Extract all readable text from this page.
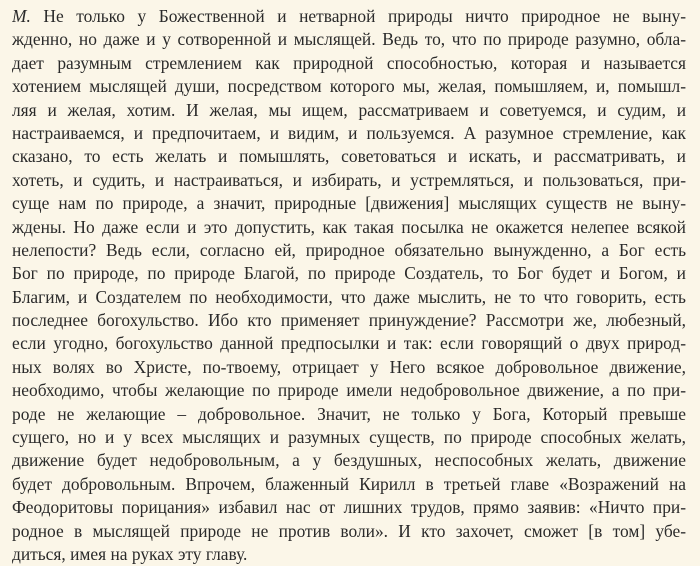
М. Не только у Божественной и нетварной природы ничто природное не выну-
жденно, но даже и у сотворенной и мыслящей. Ведь то, что по природе разумно, обла-
дает разумным стремлением как природной способностью, которая и называется
хотением мыслящей души, посредством которого мы, желая, помышляем, и, помышл-
ляя и желая, хотим. И желая, мы ищем, рассматриваем и советуемся, и судим, и
настраиваемся, и предпочитаем, и видим, и пользуемся. А разумное стремление, как
сказано, то есть желать и помышлять, советоваться и искать, и рассматривать, и
хотеть, и судить, и настраиваться, и избирать, и устремляться, и пользоваться, при-
суще нам по природе, а значит, природные [движения] мыслящих существ не выну-
ждены. Но даже если и это допустить, как такая посылка не окажется нелепее всякой
нелепости? Ведь если, согласно ей, природное обязательно вынужденно, а Бог есть
Бог по природе, по природе Благой, по природе Создатель, то Бог будет и Богом, и
Благим, и Создателем по необходимости, что даже мыслить, не то что говорить, есть
последнее богохульство. Ибо кто применяет принуждение? Рассмотри же, любезный,
если угодно, богохульство данной предпосылки и так: если говорящий о двух природ-
ных волях во Христе, по-твоему, отрицает у Него всякое добровольное движение,
необходимо, чтобы желающие по природе имели недобровольное движение, а по при-
роде не желающие – добровольное. Значит, не только у Бога, Который превыше
сущего, но и у всех мыслящих и разумных существ, по природе способных желать,
движение будет недобровольным, а у бездушных, неспособных желать, движение
будет добровольным. Впрочем, блаженный Кирилл в третьей главе «Возражений на
Феодоритовы порицания» избавил нас от лишних трудов, прямо заявив: «Ничто при-
родное в мыслящей природе не против воли». И кто захочет, сможет [в том] убе-
диться, имея на руках эту главу.
